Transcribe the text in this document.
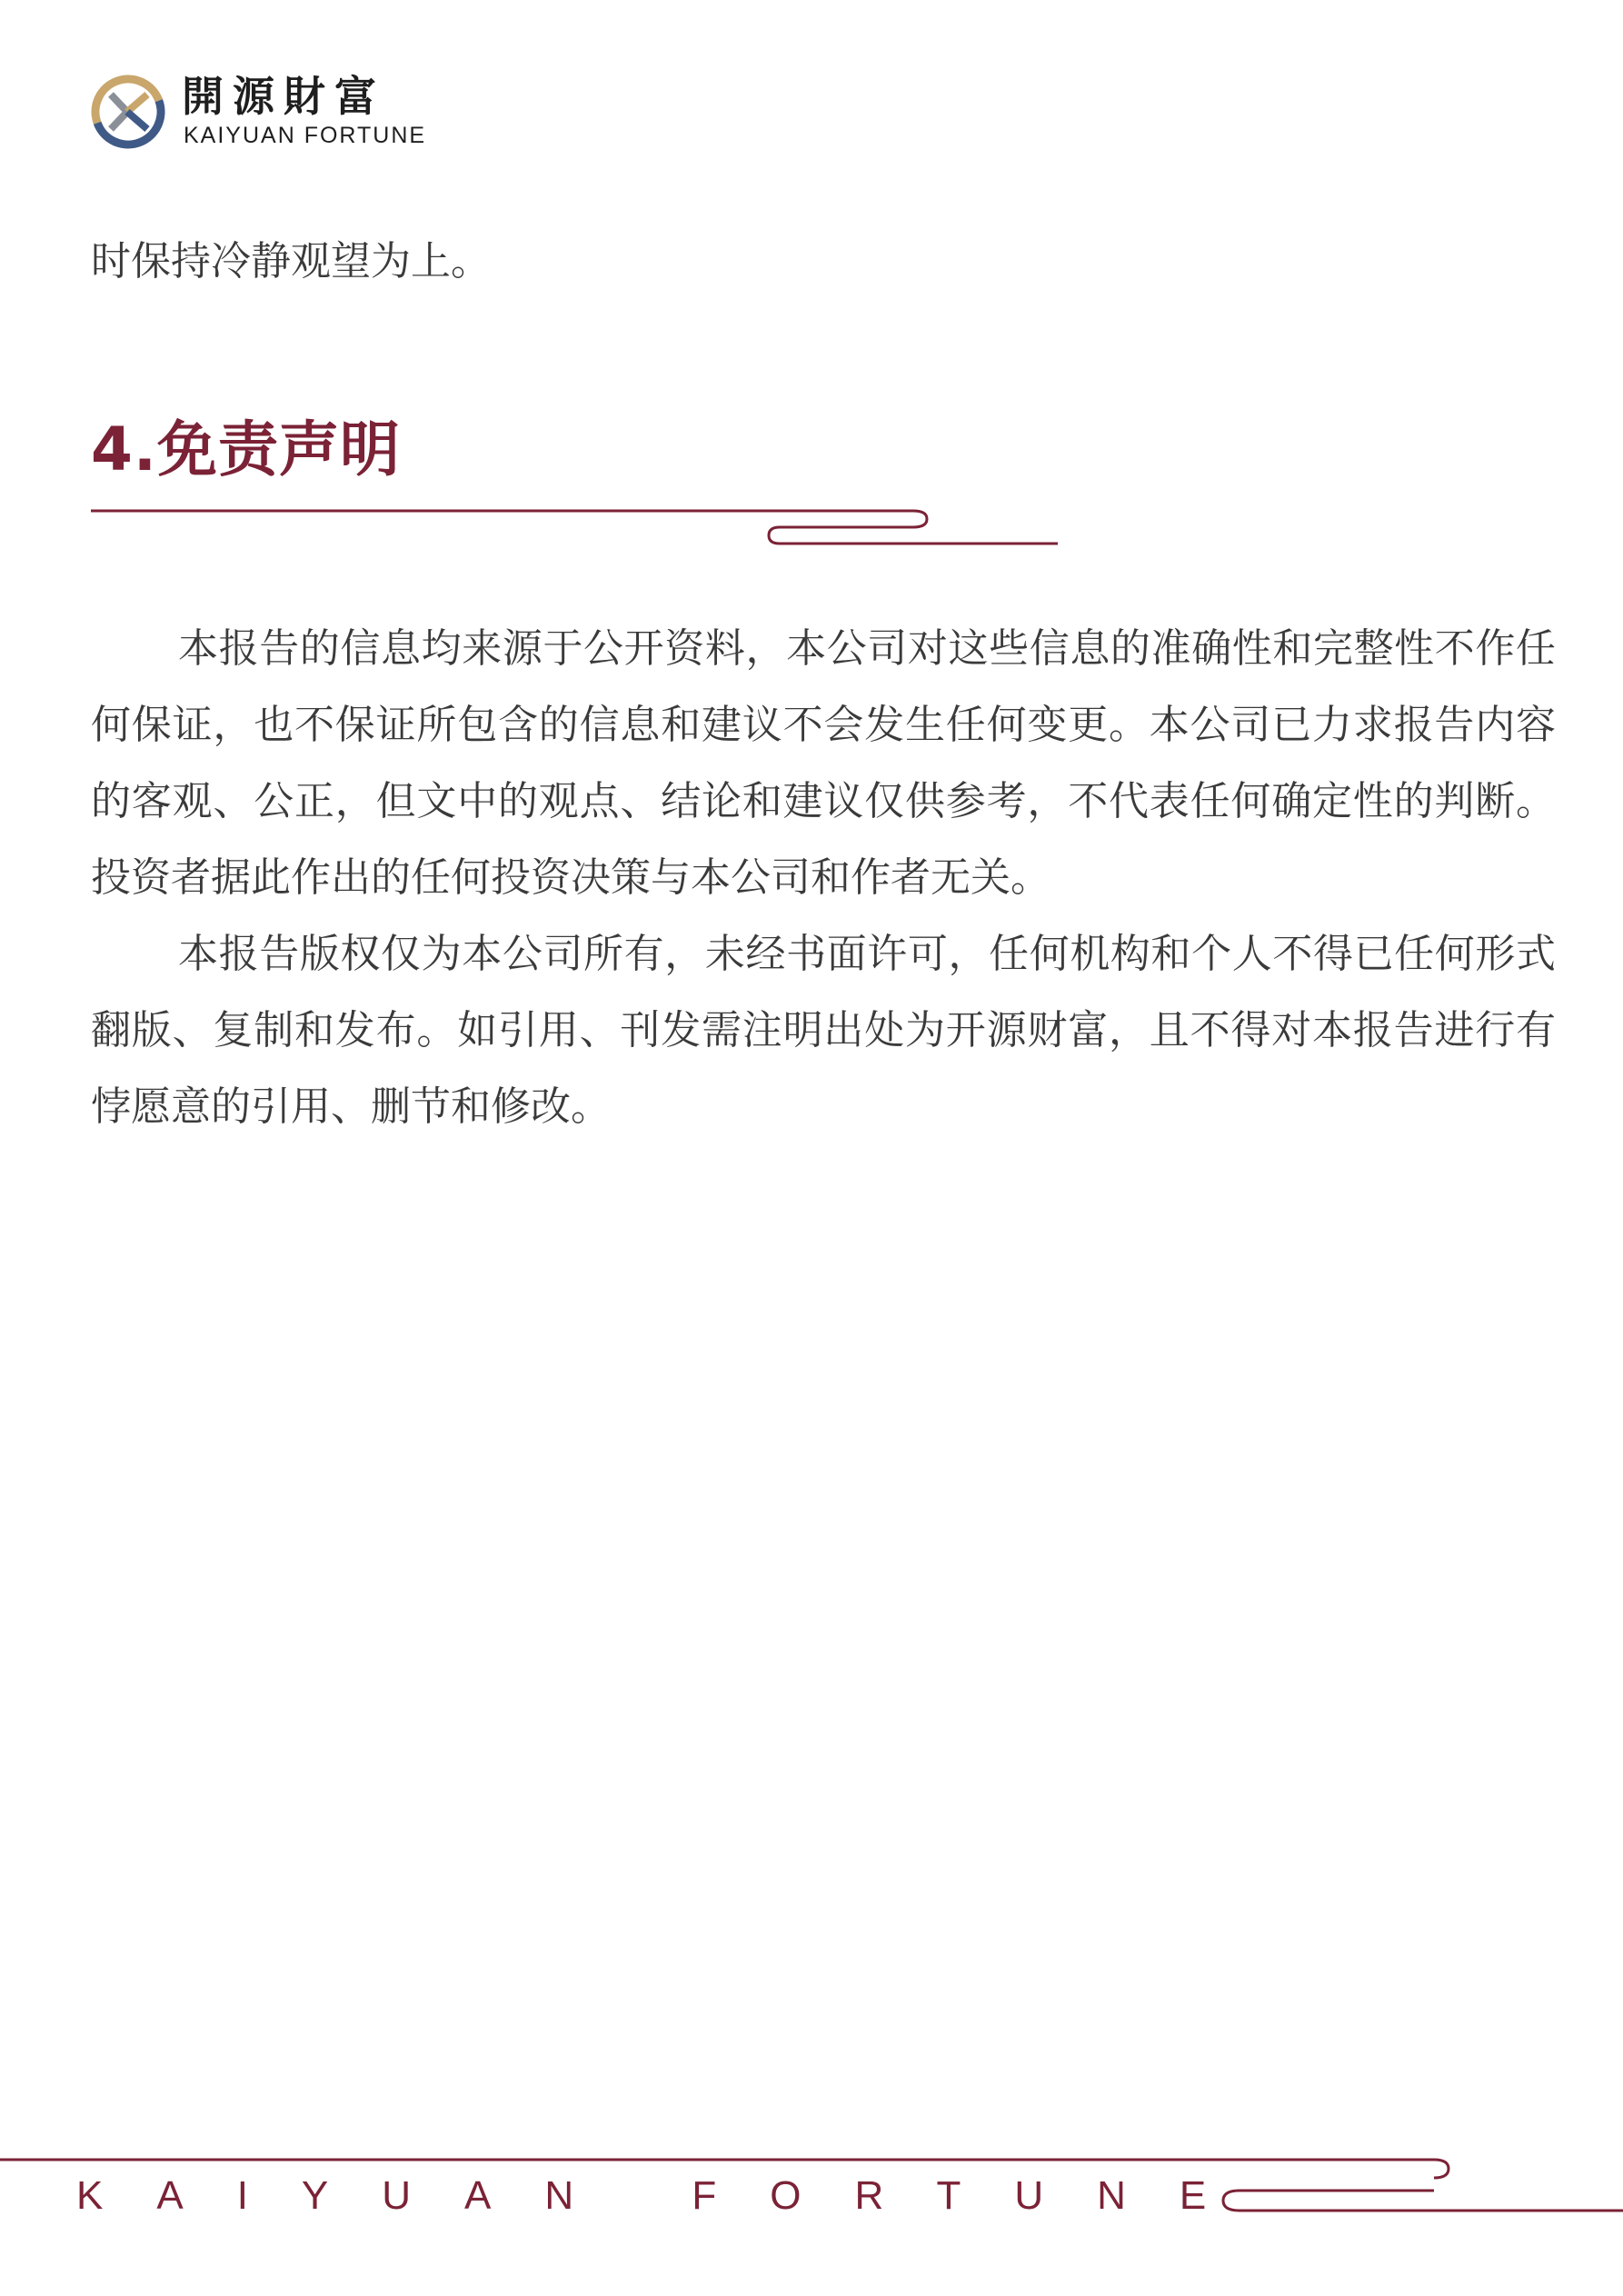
開源財富
KAIYUAN FORTUNE
时保持冷静观望为上。
4.免责声明

本报告的信息均来源于公开资料，本公司对这些信息的准确性和完整性不作任何保证，也不保证所包含的信息和建议不会发生任何变更。本公司已力求报告内容的客观、公正，但文中的观点、结论和建议仅供参考，不代表任何确定性的判断。投资者据此作出的任何投资决策与本公司和作者无关。

本报告版权仅为本公司所有，未经书面许可，任何机构和个人不得已任何形式翻版、复制和发布。如引用、刊发需注明出处为开源财富，且不得对本报告进行有悖愿意的引用、删节和修改。

KAIYUAN FORTUNE
